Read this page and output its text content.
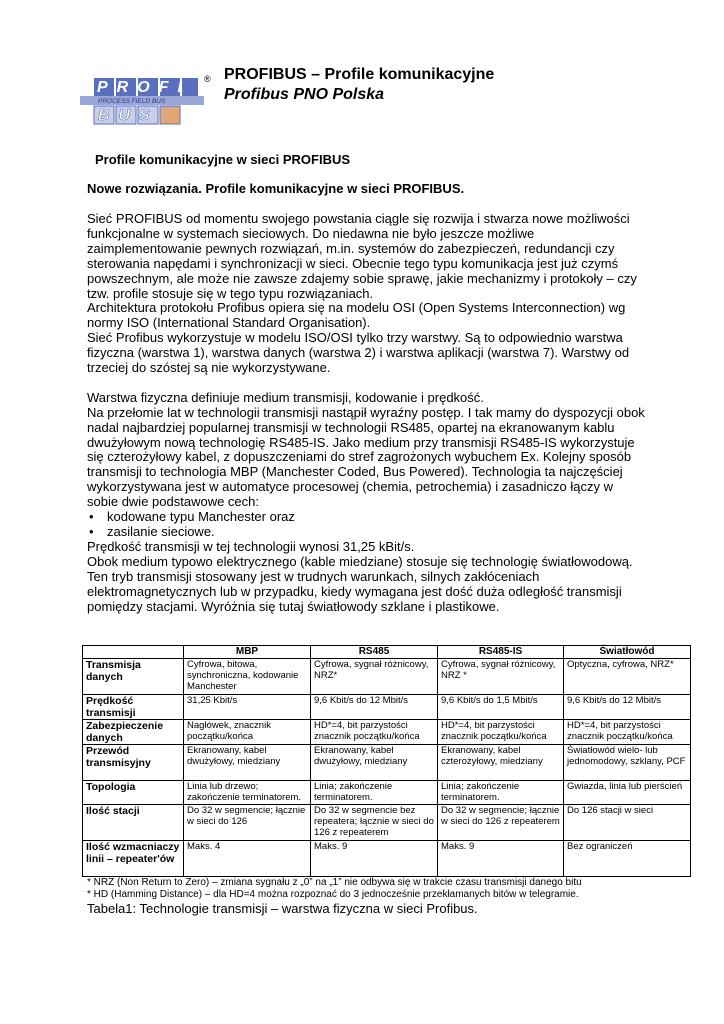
PROFI
PROCESS FIELD BUS
BUS
® PROFIBUS – Profile komunikacyjne
Profibus PNO Polska
Profile komunikacyjne w sieci PROFIBUS
Nowe rozwiązania. Profile komunikacyjne w sieci PROFIBUS.

Sieć PROFIBUS od momentu swojego powstania ciągle się rozwija i stwarza nowe możliwości funkcjonalne w systemach sieciowych. Do niedawna nie było jeszcze możliwe zaimplementowanie pewnych rozwiązań, m.in. systemów do zabezpieczeń, redundancji czy sterowania napędami i synchronizacji w sieci. Obecnie tego typu komunikacja jest już czymś powszechnym, ale może nie zawsze zdajemy sobie sprawę, jakie mechanizmy i protokoły – czy tzw. profile stosuje się w tego typu rozwiązaniach.

Architektura protokołu Profibus opiera się na modelu OSI (Open Systems Interconnection) wg normy ISO (International Standard Organisation).

Sieć Profibus wykorzystuje w modelu ISO/OSI tylko trzy warstwy. Są to odpowiednio warstwa fizyczna (warstwa 1), warstwa danych (warstwa 2) i warstwa aplikacji (warstwa 7). Warstwy od trzeciej do szóstej są nie wykorzystywane.

Warstwa fizyczna definiuje medium transmisji, kodowanie i prędkość.

Na przełomie lat w technologii transmisji nastąpił wyraźny postęp. I tak mamy do dyspozycji obok nadal najbardziej popularnej transmisji w technologii RS485, opartej na ekranowanym kablu dwużyłowym nową technologię RS485-IS. Jako medium przy transmisji RS485-IS wykorzystuje się czterożyłowy kabel, z dopuszczeniami do stref zagrożonych wybuchem Ex. Kolejny sposób transmisji to technologia MBP (Manchester Coded, Bus Powered). Technologia ta najczęściej wykorzystywana jest w automatyce procesowej (chemia, petrochemia) i zasadniczo łączy w sobie dwie podstawowe cech:

• kodowane typu Manchester oraz
• zasilanie sieciowe.

Prędkość transmisji w tej technologii wynosi 31,25 kBit/s.

Obok medium typowo elektrycznego (kable miedziane) stosuje się technologię światłowodową. Ten tryb transmisji stosowany jest w trudnych warunkach, silnych zakłóceniach elektromagnetycznych lub w przypadku, kiedy wymagana jest dość duża odległość transmisji pomiędzy stacjami. Wyróżnia się tutaj światłowody szklane i plastikowe.

	MBP	RS485	RS485-IS	Światłowód
Transmisja danych	Cyfrowa, bitowa, synchroniczna, kodowanie Manchester	Cyfrowa, sygnał różnicowy, NRZ*	Cyfrowa, sygnał różnicowy, NRZ *	Optyczna, cyfrowa, NRZ*
Prędkość transmisji	31,25 Kbit/s	9,6 Kbit/s do 12 Mbit/s	9,6 Kbit/s do 1,5 Mbit/s	9,6 Kbit/s do 12 Mbit/s
Zabezpieczenie danych	Nagłówek, znacznik początku/końca	HD*=4, bit parzystości znacznik początku/końca	HD*=4, bit parzystości znacznik początku/końca	HD*=4, bit parzystości znacznik początku/końca
Przewód transmisyjny	Ekranowany, kabel dwużyłowy, miedziany	Ekranowany, kabel dwużyłowy, miedziany	Ekranowany, kabel czterożyłowy, miedziany	Światłowód wielo- lub jednomodowy, szklany, PCF
Topologia	Linia lub drzewo; zakończenie terminatorem.	Linia; zakończenie terminatorem.	Linia; zakończenie terminatorem.	Gwiazda, linia lub pierścień
Ilość stacji	Do 32 w segmencie; łącznie w sieci do 126	Do 32 w segmencie bez repeatera; łącznie w sieci do 126 z repeaterem	Do 32 w segmencie; łącznie w sieci do 126 z repeaterem	Do 126 stacji w sieci
Ilość wzmacniaczy linii – repeater'ów	Maks. 4	Maks. 9	Maks. 9	Bez ograniczeń

* NRZ (Non Return to Zero) – zmiana sygnału z „0” na „1” nie odbywa się w trakcie czasu transmisji danego bitu

* HD (Hamming Distance) – dla HD=4 można rozpoznać do 3 jednocześnie przekłamanych bitów w telegramie.

Tabela1: Technologie transmisji – warstwa fizyczna w sieci Profibus.
